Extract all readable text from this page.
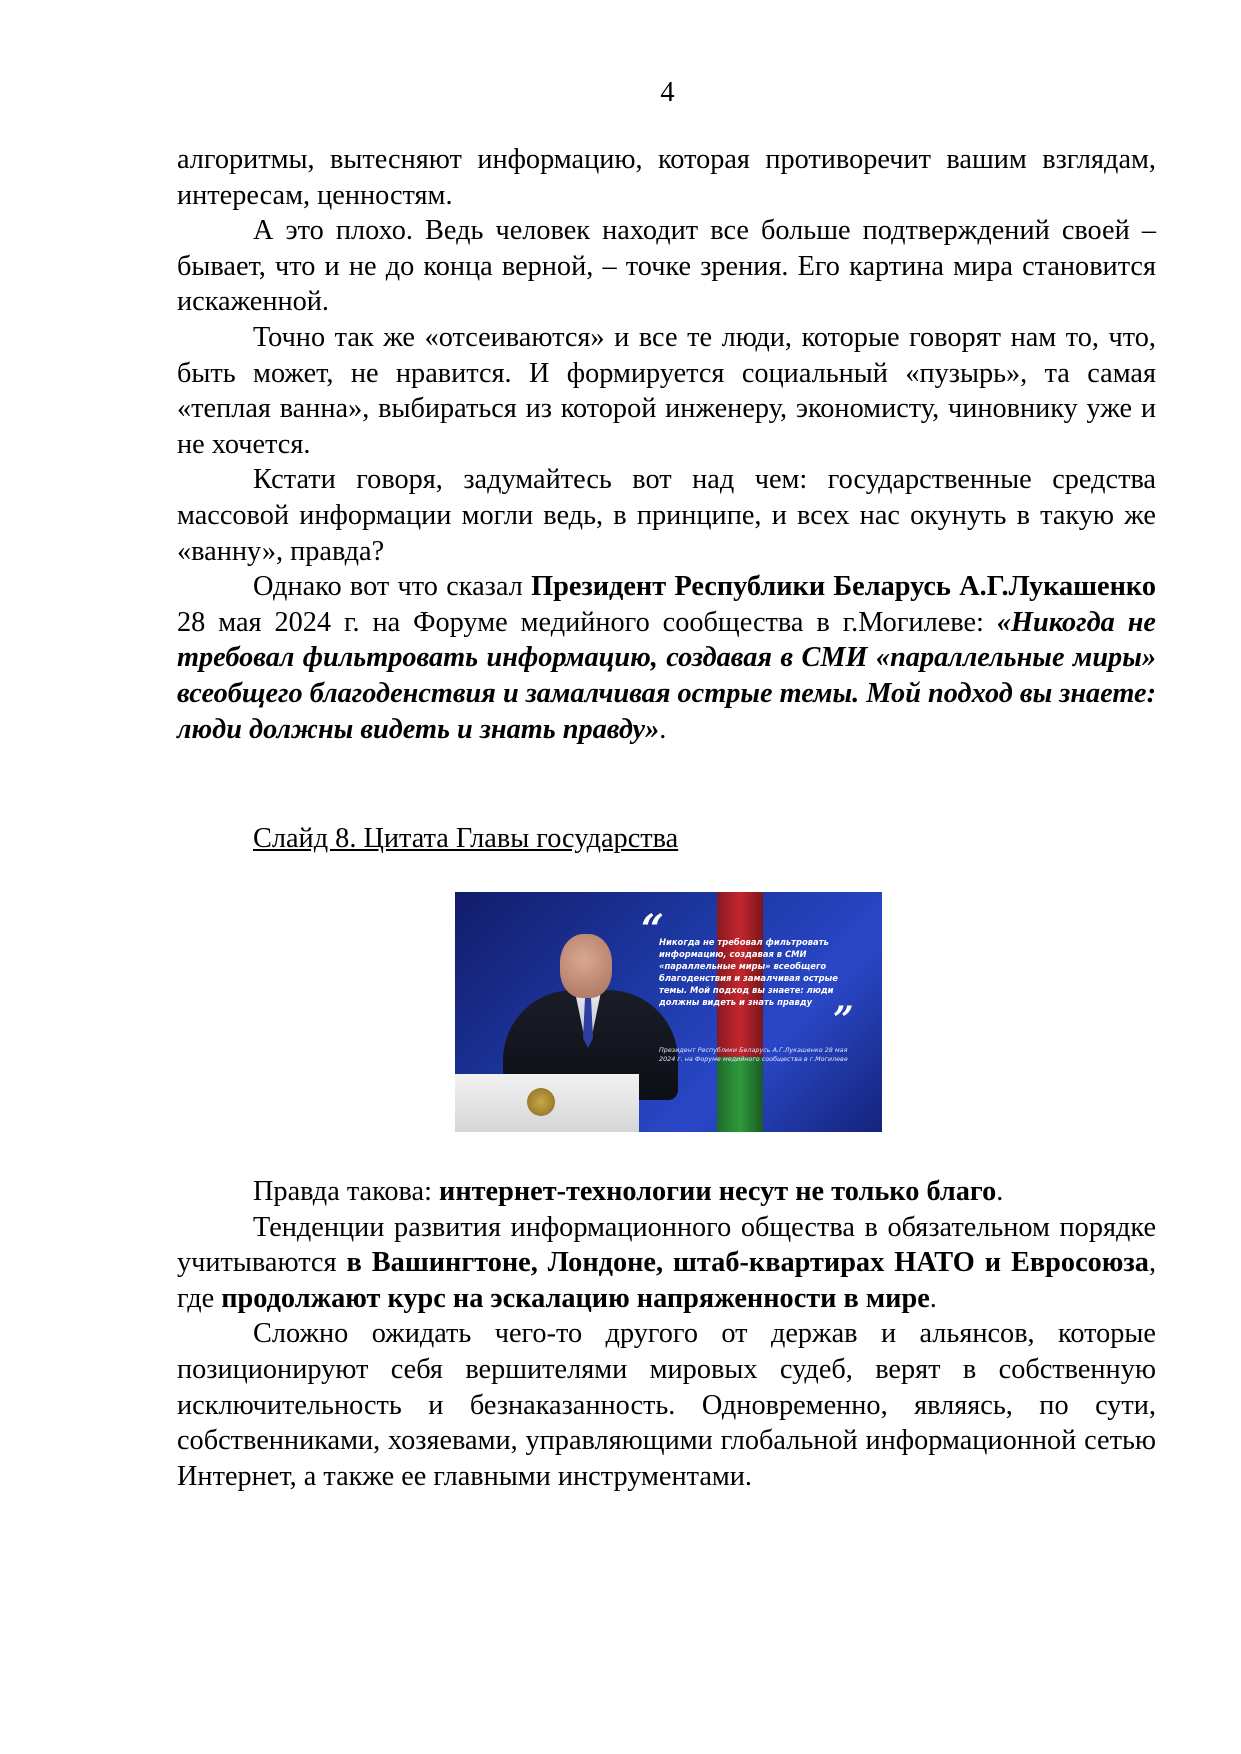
4

алгоритмы, вытесняют информацию, которая противоречит вашим взглядам, интересам, ценностям.

А это плохо. Ведь человек находит все больше подтверждений своей – бывает, что и не до конца верной, – точке зрения. Его картина мира становится искаженной.

Точно так же «отсеиваются» и все те люди, которые говорят нам то, что, быть может, не нравится. И формируется социальный «пузырь», та самая «теплая ванна», выбираться из которой инженеру, экономисту, чиновнику уже и не хочется.

Кстати говоря, задумайтесь вот над чем: государственные средства массовой информации могли ведь, в принципе, и всех нас окунуть в такую же «ванну», правда?

Однако вот что сказал Президент Республики Беларусь А.Г.Лукашенко 28 мая 2024 г. на Форуме медийного сообщества в г.Могилеве: «Никогда не требовал фильтровать информацию, создавая в СМИ «параллельные миры» всеобщего благоденствия и замалчивая острые темы. Мой подход вы знаете: люди должны видеть и знать правду».

Слайд 8. Цитата Главы государства
“
Никогда не требовал фильтровать информацию, создавая в СМИ «параллельные миры» всеобщего благоденствия и замалчивая острые темы. Мой подход вы знаете: люди должны видеть и знать правду ”
Президент Республики Беларусь А.Г.Лукашенко 28 мая 2024 г. на Форуме медийного сообщества в г.Могилеве

Правда такова: интернет-технологии несут не только благо.

Тенденции развития информационного общества в обязательном порядке учитываются в Вашингтоне, Лондоне, штаб-квартирах НАТО и Евросоюза, где продолжают курс на эскалацию напряженности в мире.

Сложно ожидать чего-то другого от держав и альянсов, которые позиционируют себя вершителями мировых судеб, верят в собственную исключительность и безнаказанность. Одновременно, являясь, по сути, собственниками, хозяевами, управляющими глобальной информационной сетью Интернет, а также ее главными инструментами.
